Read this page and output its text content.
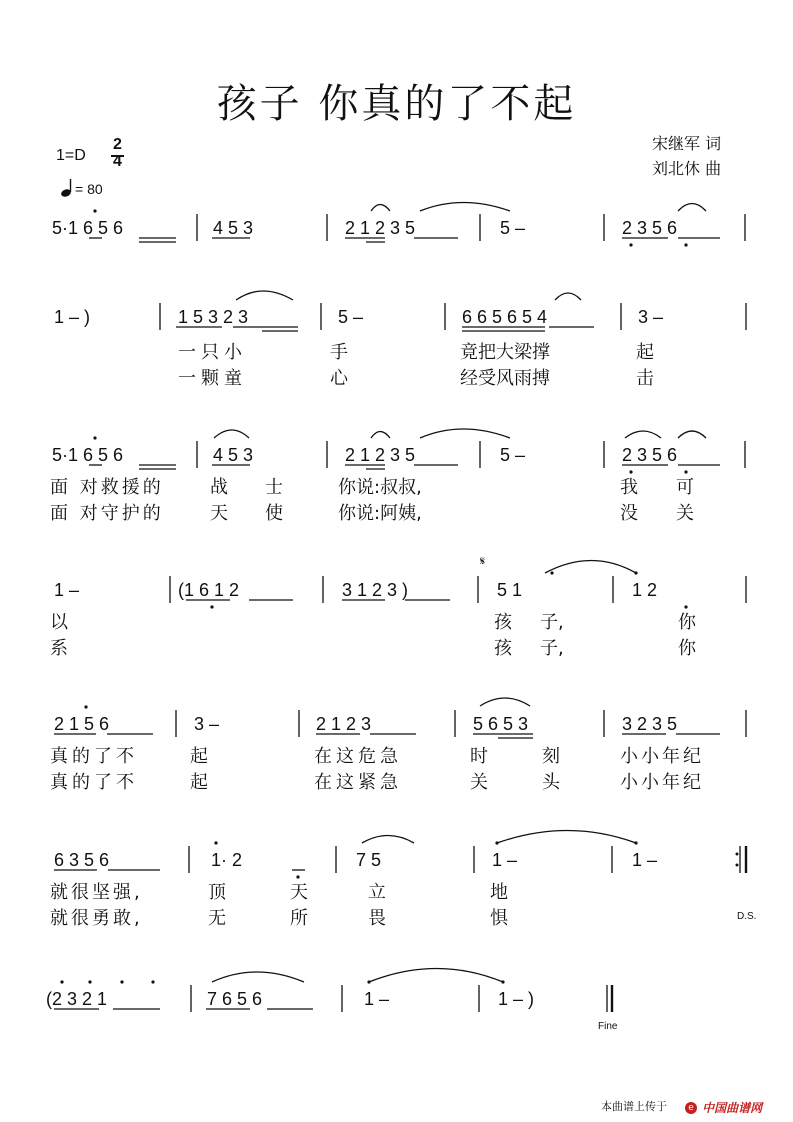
孩子 你真的了不起
1=D
2
4
= 80
宋继军 词
刘北休 曲
5·1 6 5 6	4 5 3	2 1 2 3 5	5 –	2 3 5 6
1 – )	1 5 3 2 3	5 –	6 6 5 6 5 4	3 –
一只小	手	竟把大梁撑	起
一颗童	心	经受风雨搏	击
5·1 6 5 6	4 5 3	2 1 2 3 5	5 –	2 3 5 6
面 对救援的	战 士	你说:叔叔,	我 可
面 对守护的	天 使	你说:阿姨,	没 关
𝄋
1 –	(1 6 1 2	3 1 2 3 )	5 1	1 2
以	孩 子,	你
系	孩 子,	你
2 1 5 6	3 –	2 1 2 3	5 6 5 3	3 2 3 5
真的了不	起	在这危急	时	刻	小小年纪
真的了不	起	在这紧急	关	头	小小年纪
6 3 5 6	1· 2	7 5	1 –	1 –
就很坚强,	顶	天	立	地
就很勇敢,	无	所	畏	惧	D.S.
(2 3 2 1	7 6 5 6	1 –	1 – )
Fine
本曲谱上传于	e 中国曲谱网
